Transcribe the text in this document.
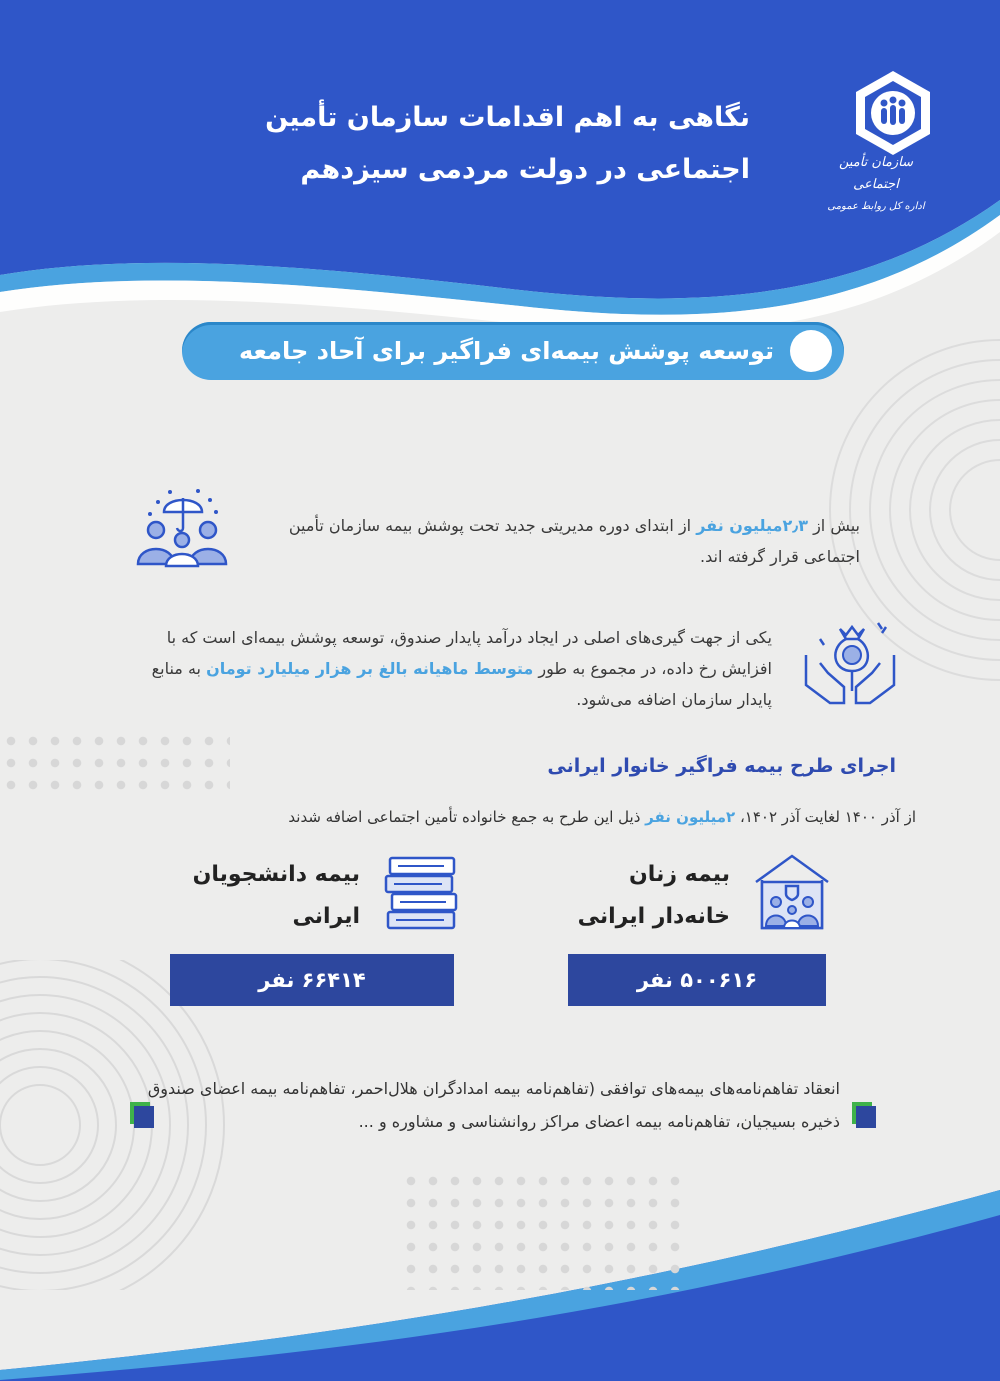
نگاهی به اهم اقدامات سازمان تأمین اجتماعی در دولت مردمی سیزدهم	سازمان تأمین اجتماعی
اداره کل روابط عمومی
توسعه پوشش بیمه‌ای فراگیر برای آحاد جامعه
بیش از ۲٫۳میلیون نفر از ابتدای دوره مدیریتی جدید تحت پوشش بیمه سازمان تأمین اجتماعی قرار گرفته اند.
یکی از جهت گیری‌های اصلی در ایجاد درآمد پایدار صندوق، توسعه پوشش بیمه‌ای است که با افزایش رخ داده، در مجموع به طور متوسط ماهیانه بالغ بر هزار میلیارد تومان به منابع پایدار سازمان اضافه می‌شود.
اجرای طرح بیمه فراگیر خانوار ایرانی
از آذر ۱۴۰۰ لغایت آذر ۱۴۰۲، ۲میلیون نفر ذیل این طرح به جمع خانواده تأمین اجتماعی اضافه شدند
بیمه زنان
خانه‌دار ایرانی
۵۰۰۶۱۶ نفر
بیمه دانشجویان
ایرانی
۶۶۴۱۴ نفر
انعقاد تفاهم‌نامه‌های بیمه‌های توافقی (تفاهم‌نامه بیمه امدادگران هلال‌احمر، تفاهم‌نامه بیمه اعضای صندوق ذخیره بسیجیان، تفاهم‌نامه بیمه اعضای مراکز روانشناسی و مشاوره و ...
